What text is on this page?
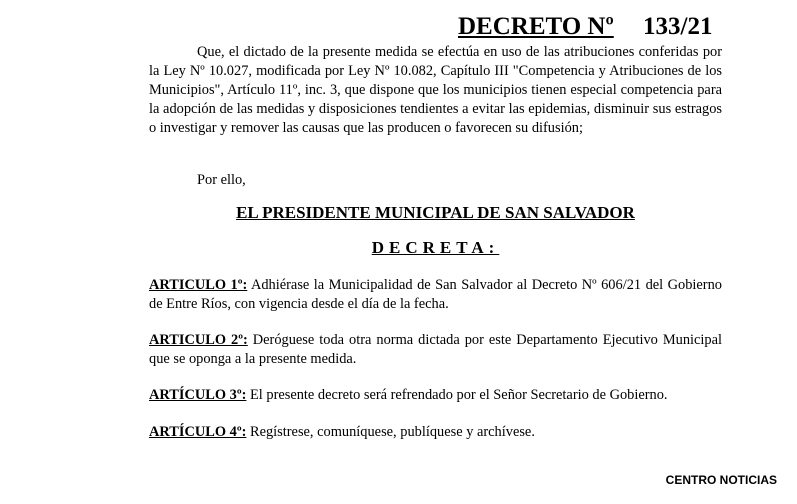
DECRETO Nº 133/21
Que, el dictado de la presente medida se efectúa en uso de las atribuciones conferidas por la Ley Nº 10.027, modificada por Ley Nº 10.082, Capítulo III "Competencia y Atribuciones de los Municipios", Artículo 11º, inc. 3, que dispone que los municipios tienen especial competencia para la adopción de las medidas y disposiciones tendientes a evitar las epidemias, disminuir sus estragos o investigar y remover las causas que las producen o favorecen su difusión;
Por ello,
EL PRESIDENTE MUNICIPAL DE SAN SALVADOR
DECRETA:
ARTICULO 1º: Adhiérase la Municipalidad de San Salvador al Decreto Nº 606/21 del Gobierno de Entre Ríos, con vigencia desde el día de la fecha.
ARTICULO 2º: Deróguese toda otra norma dictada por este Departamento Ejecutivo Municipal que se oponga a la presente medida.
ARTÍCULO 3º: El presente decreto será refrendado por el Señor Secretario de Gobierno.
ARTÍCULO 4º: Regístrese, comuníquese, publíquese y archívese.
CENTRO NOTICIAS
